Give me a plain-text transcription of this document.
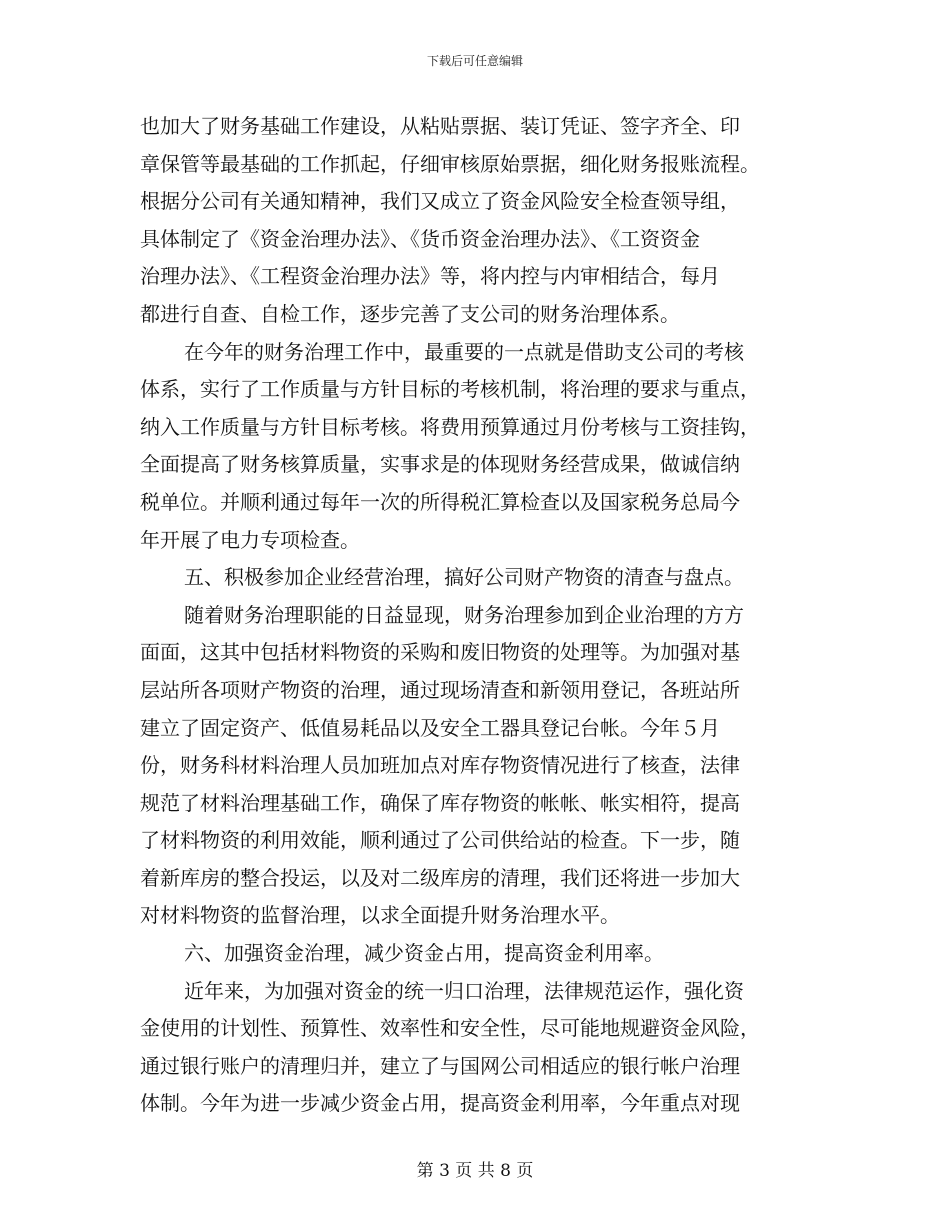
下载后可任意编辑

也加大了财务基础工作建设，从粘贴票据、装订凭证、签字齐全、印

章保管等最基础的工作抓起，仔细审核原始票据，细化财务报账流程。

根据分公司有关通知精神，我们又成立了资金风险安全检查领导组，

具体制定了《资金治理办法》、《货币资金治理办法》、《工资资金

治理办法》、《工程资金治理办法》等，将内控与内审相结合，每月

都进行自查、自检工作，逐步完善了支公司的财务治理体系。

在今年的财务治理工作中，最重要的一点就是借助支公司的考核

体系，实行了工作质量与方针目标的考核机制，将治理的要求与重点，

纳入工作质量与方针目标考核。将费用预算通过月份考核与工资挂钩，

全面提高了财务核算质量，实事求是的体现财务经营成果，做诚信纳

税单位。并顺利通过每年一次的所得税汇算检查以及国家税务总局今

年开展了电力专项检查。

五、积极参加企业经营治理，搞好公司财产物资的清查与盘点。

随着财务治理职能的日益显现，财务治理参加到企业治理的方方

面面，这其中包括材料物资的采购和废旧物资的处理等。为加强对基

层站所各项财产物资的治理，通过现场清查和新领用登记，各班站所

建立了固定资产、低值易耗品以及安全工器具登记台帐。今年５月

份，财务科材料治理人员加班加点对库存物资情况进行了核查，法律

规范了材料治理基础工作，确保了库存物资的帐帐、帐实相符，提高

了材料物资的利用效能，顺利通过了公司供给站的检查。下一步，随

着新库房的整合投运，以及对二级库房的清理，我们还将进一步加大

对材料物资的监督治理，以求全面提升财务治理水平。

六、加强资金治理，减少资金占用，提高资金利用率。

近年来，为加强对资金的统一归口治理，法律规范运作，强化资

金使用的计划性、预算性、效率性和安全性，尽可能地规避资金风险，

通过银行账户的清理归并，建立了与国网公司相适应的银行帐户治理

体制。今年为进一步减少资金占用，提高资金利用率，今年重点对现

第 3 页 共 8 页
